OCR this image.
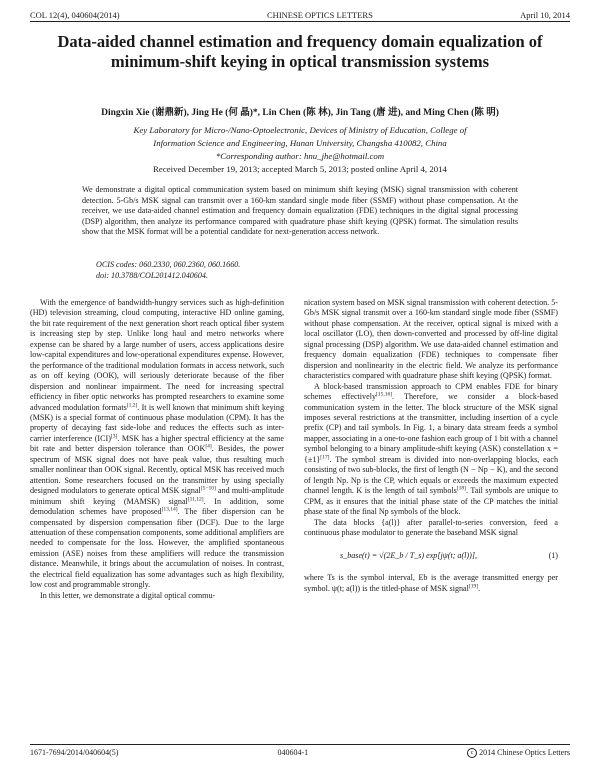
COL 12(4), 040604(2014)	CHINESE OPTICS LETTERS	April 10, 2014
Data-aided channel estimation and frequency domain equalization of minimum-shift keying in optical transmission systems
Dingxin Xie (谢鼎新), Jing He (何 晶)*, Lin Chen (陈 林), Jin Tang (唐 进), and Ming Chen (陈 明)
Key Laboratory for Micro-/Nano-Optoelectronic, Devices of Ministry of Education, College of
Information Science and Engineering, Hunan University, Changsha 410082, China
*Corresponding author: hnu_jhe@hotmail.com
Received December 19, 2013; accepted March 5, 2013; posted online April 4, 2014
We demonstrate a digital optical communication system based on minimum shift keying (MSK) signal transmission with coherent detection. 5-Gb/s MSK signal can transmit over a 160-km standard single mode fiber (SSMF) without phase compensation. At the receiver, we use data-aided channel estimation and frequency domain equalization (FDE) techniques in the digital signal processing (DSP) algorithm, then analyze its performance compared with quadrature phase shift keying (QPSK) format. The simulation results show that the MSK format will be a potential candidate for next-generation access network.
OCIS codes: 060.2330, 060.2360, 060.1660.
doi: 10.3788/COL201412.040604.

With the emergence of bandwidth-hungry services such as high-definition (HD) television streaming, cloud computing, interactive HD online gaming, the bit rate requirement of the next generation short reach optical fiber system is increasing step by step. Unlike long haul and metro networks where expense can be shared by a large number of users, access applications desire low-capital expenditures and low-operational expenditures expense. However, the performance of the traditional modulation formats in access network, such as on off keying (OOK), will seriously deteriorate because of the fiber dispersion and nonlinear impairment. The need for increasing spectral efficiency in fiber optic networks has prompted researchers to examine some advanced modulation formats[1,2]. It is well known that minimum shift keying (MSK) is a special format of continuous phase modulation (CPM). It has the property of decaying fast side-lobe and reduces the effects such as inter-carrier interference (ICI)[3]. MSK has a higher spectral efficiency at the same bit rate and better dispersion tolerance than OOK[4]. Besides, the power spectrum of MSK signal does not have peak value, thus resulting much smaller nonlinear than OOK signal. Recently, optical MSK has received much attention. Some researchers focused on the transmitter by using specially designed modulators to generate optical MSK signal[5−10] and multi-amplitude minimum shift keying (MAMSK) signal[11,12]. In addition, some demodulation schemes have proposed[13,14]. The fiber dispersion can be compensated by dispersion compensation fiber (DCF). Due to the large attenuation of these compensation components, some additional amplifiers are needed to compensate for the loss. However, the amplified spontaneous emission (ASE) noises from these amplifiers will reduce the transmission distance. Meanwhile, it brings about the accumulation of noises. In contrast, the electrical field equalization has some advantages such as high flexibility, low cost and programmable strongly.

In this letter, we demonstrate a digital optical commu-

nication system based on MSK signal transmission with coherent detection. 5-Gb/s MSK signal transmit over a 160-km standard single mode fiber (SSMF) without phase compensation. At the receiver, optical signal is mixed with a local oscillator (LO), then down-converted and processed by off-line digital signal processing (DSP) algorithm. We use data-aided channel estimation and frequency domain equalization (FDE) techniques to compensate fiber dispersion and nonlinearity in the electric field. We analyze its performance characteristics compared with quadrature phase shift keying (QPSK) format.

A block-based transmission approach to CPM enables FDE for binary schemes effectively[15,16]. Therefore, we consider a block-based communication system in the letter. The block structure of the MSK signal imposes several restrictions at the transmitter, including insertion of a cycle prefix (CP) and tail symbols. In Fig. 1, a binary data stream feeds a symbol mapper, associating in a one-to-one fashion each group of 1 bit with a channel symbol belonging to a binary amplitude-shift keying (ASK) constellation x = {±1}[17]. The symbol stream is divided into non-overlapping blocks, each consisting of two sub-blocks, the first of length (N − Np − K), and the second of length Np. Np is the CP, which equals or exceeds the maximum expected channel length. K is the length of tail symbols[18]. Tail symbols are unique to CPM, as it ensures that the initial phase state of the CP matches the initial phase state of the final Np symbols of the block.

The data blocks {a(l)} after parallel-to-series conversion, feed a continuous phase modulator to generate the baseband MSK signal

s_base(t) = √(2E_b / T_s) exp[jψ(t; a(l))],	(1)

where Ts is the symbol interval, Eb is the average transmitted energy per symbol. ψ(t; a(l)) is the titled-phase of MSK signal[19].

1671-7694/2014/040604(5)	040604-1	c 2014 Chinese Optics Letters
